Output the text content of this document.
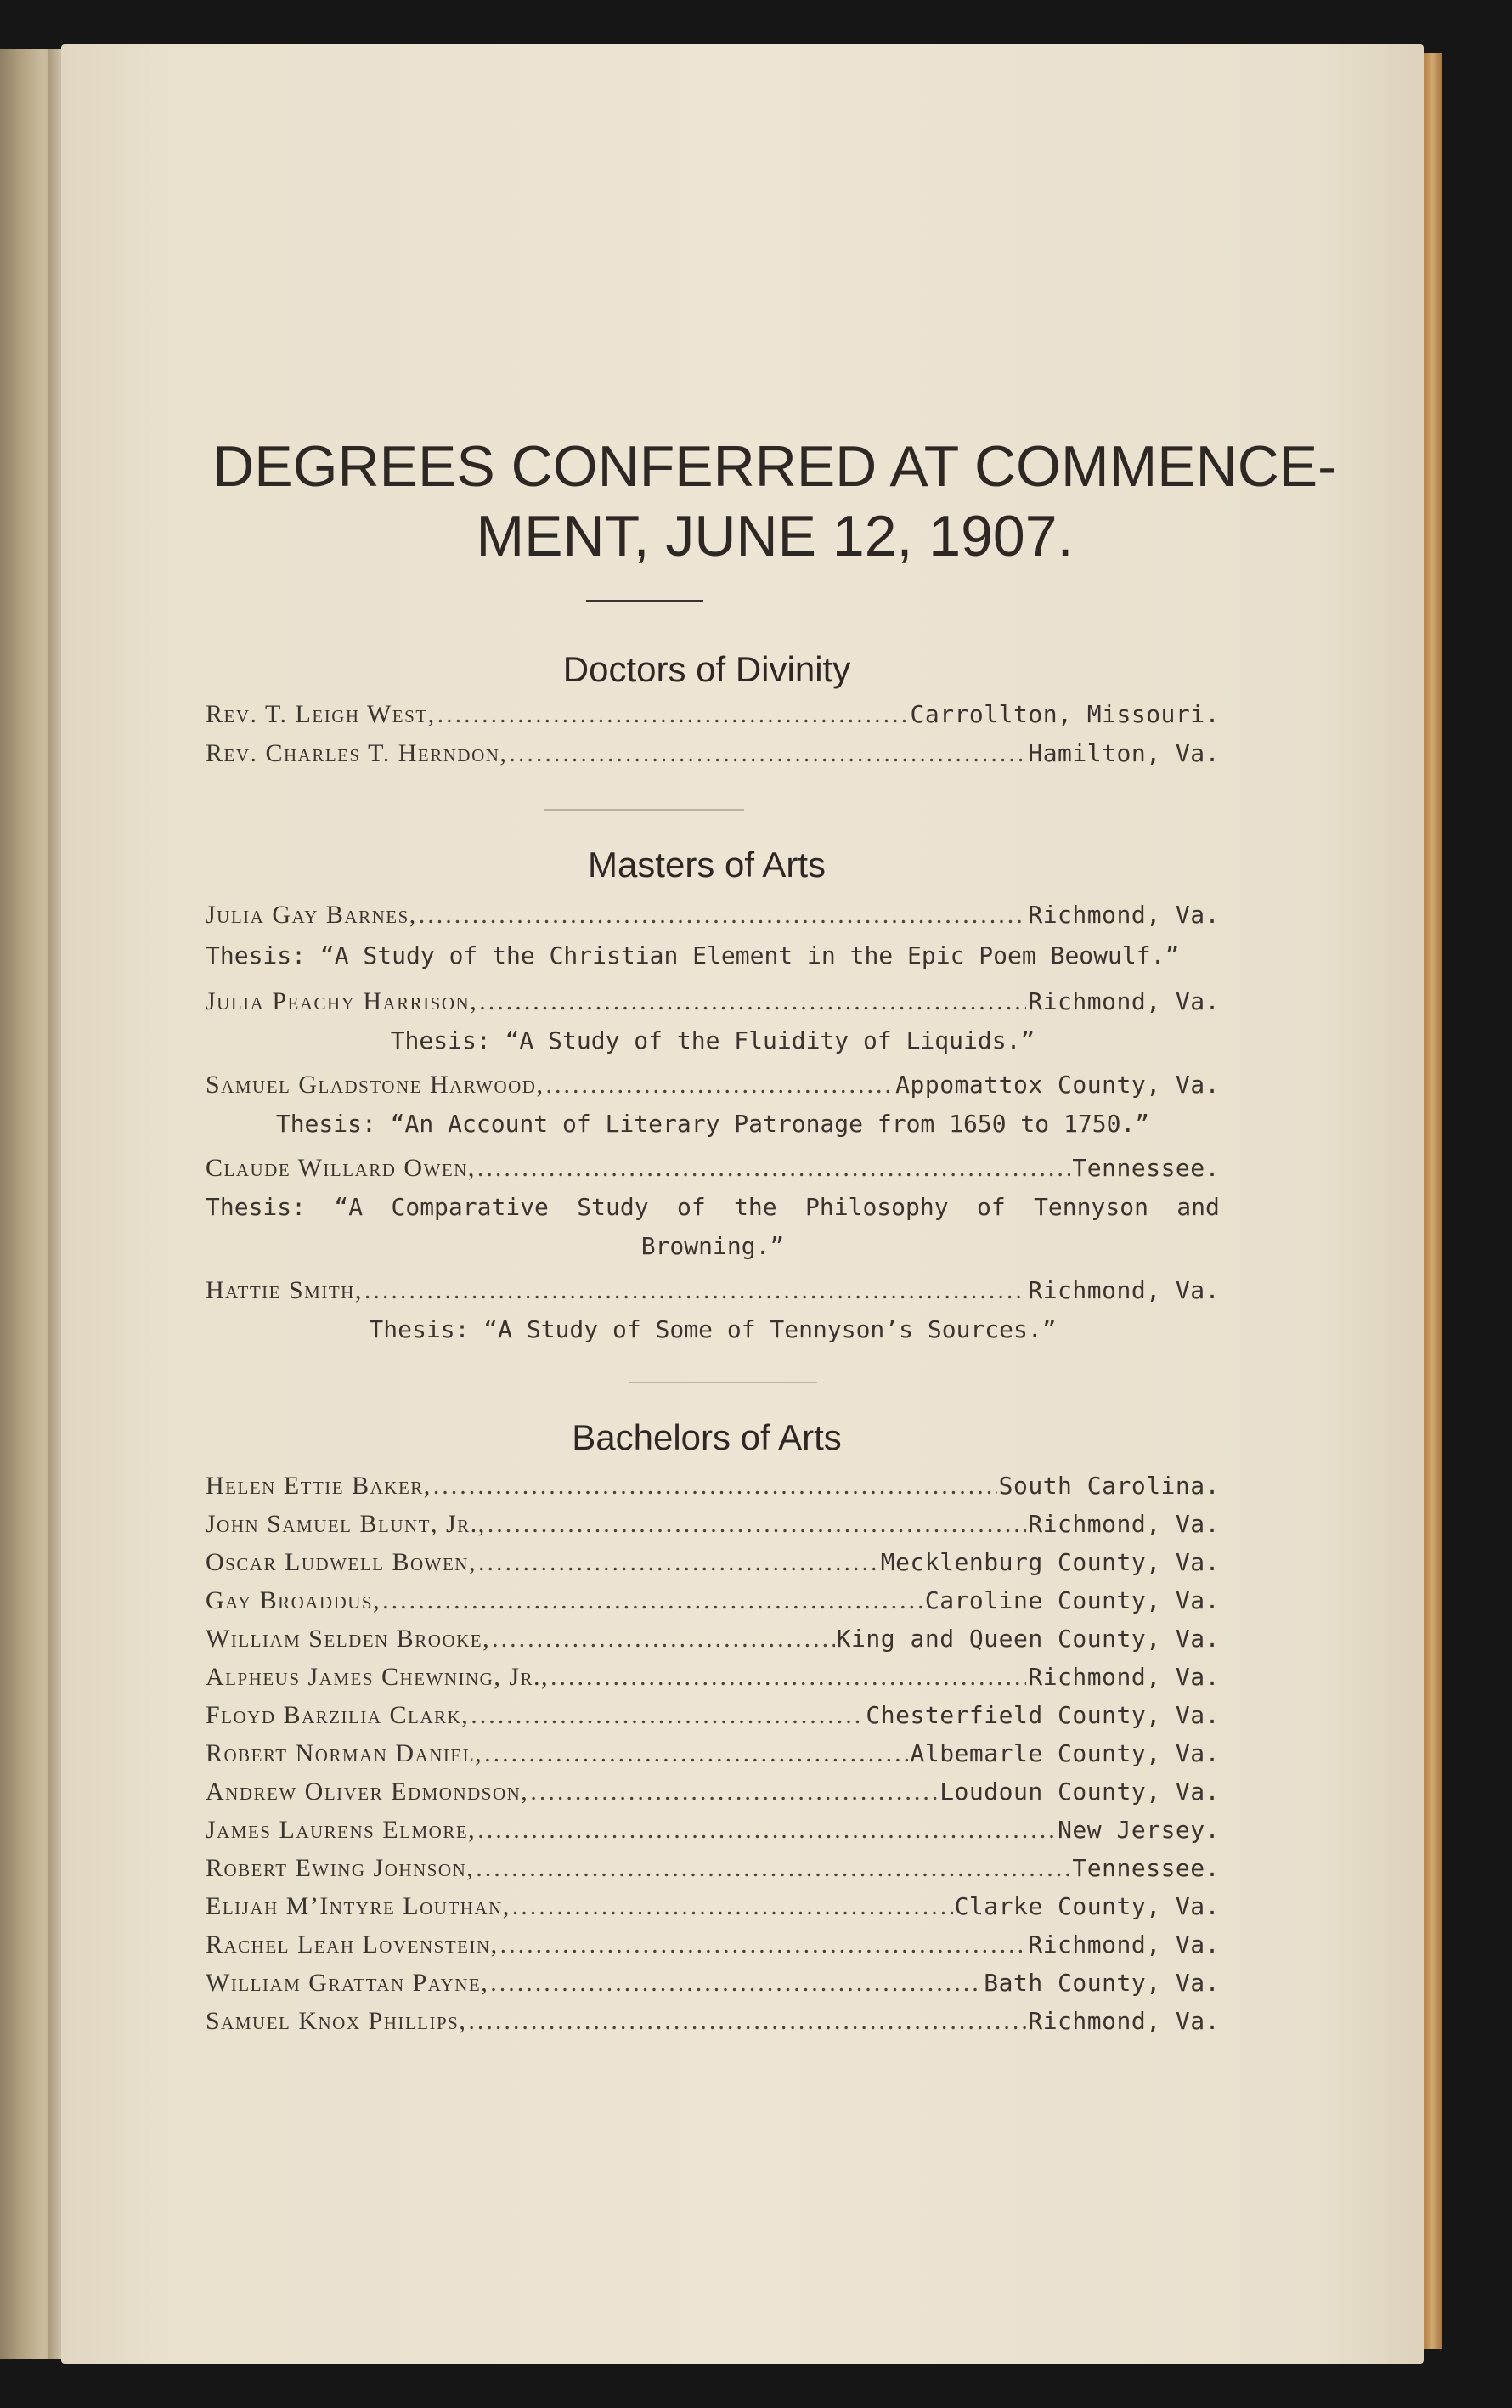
DEGREES CONFERRED AT COMMENCE-
MENT, JUNE 12, 1907.
Doctors of Divinity
Rev. T. Leigh West, .....	Carrollton, Missouri.
Rev. Charles T. Herndon, .....	Hamilton, Va.
Masters of Arts
Julia Gay Barnes, .....	Richmond, Va.
Thesis: “A Study of the Christian Element in the Epic Poem Beowulf.”
Julia Peachy Harrison, .....	Richmond, Va.
Thesis: “A Study of the Fluidity of Liquids.”
Samuel Gladstone Harwood, .....	Appomattox County, Va.
Thesis: “An Account of Literary Patronage from 1650 to 1750.”
Claude Willard Owen, .....	Tennessee.
Thesis: “A Comparative Study of the Philosophy of Tennyson and
Browning.”
Hattie Smith, .....	Richmond, Va.
Thesis: “A Study of Some of Tennyson’s Sources.”
Bachelors of Arts
Helen Ettie Baker, .....	South Carolina.
John Samuel Blunt, Jr., .....	Richmond, Va.
Oscar Ludwell Bowen, .....	Mecklenburg County, Va.
Gay Broaddus, .....	Caroline County, Va.
William Selden Brooke, .....	King and Queen County, Va.
Alpheus James Chewning, Jr., .....	Richmond, Va.
Floyd Barzilia Clark, .....	Chesterfield County, Va.
Robert Norman Daniel, .....	Albemarle County, Va.
Andrew Oliver Edmondson, .....	Loudoun County, Va.
James Laurens Elmore, .....	New Jersey.
Robert Ewing Johnson, .....	Tennessee.
Elijah M’Intyre Louthan, .....	Clarke County, Va.
Rachel Leah Lovenstein, .....	Richmond, Va.
William Grattan Payne, .....	Bath County, Va.
Samuel Knox Phillips, .....	Richmond, Va.
